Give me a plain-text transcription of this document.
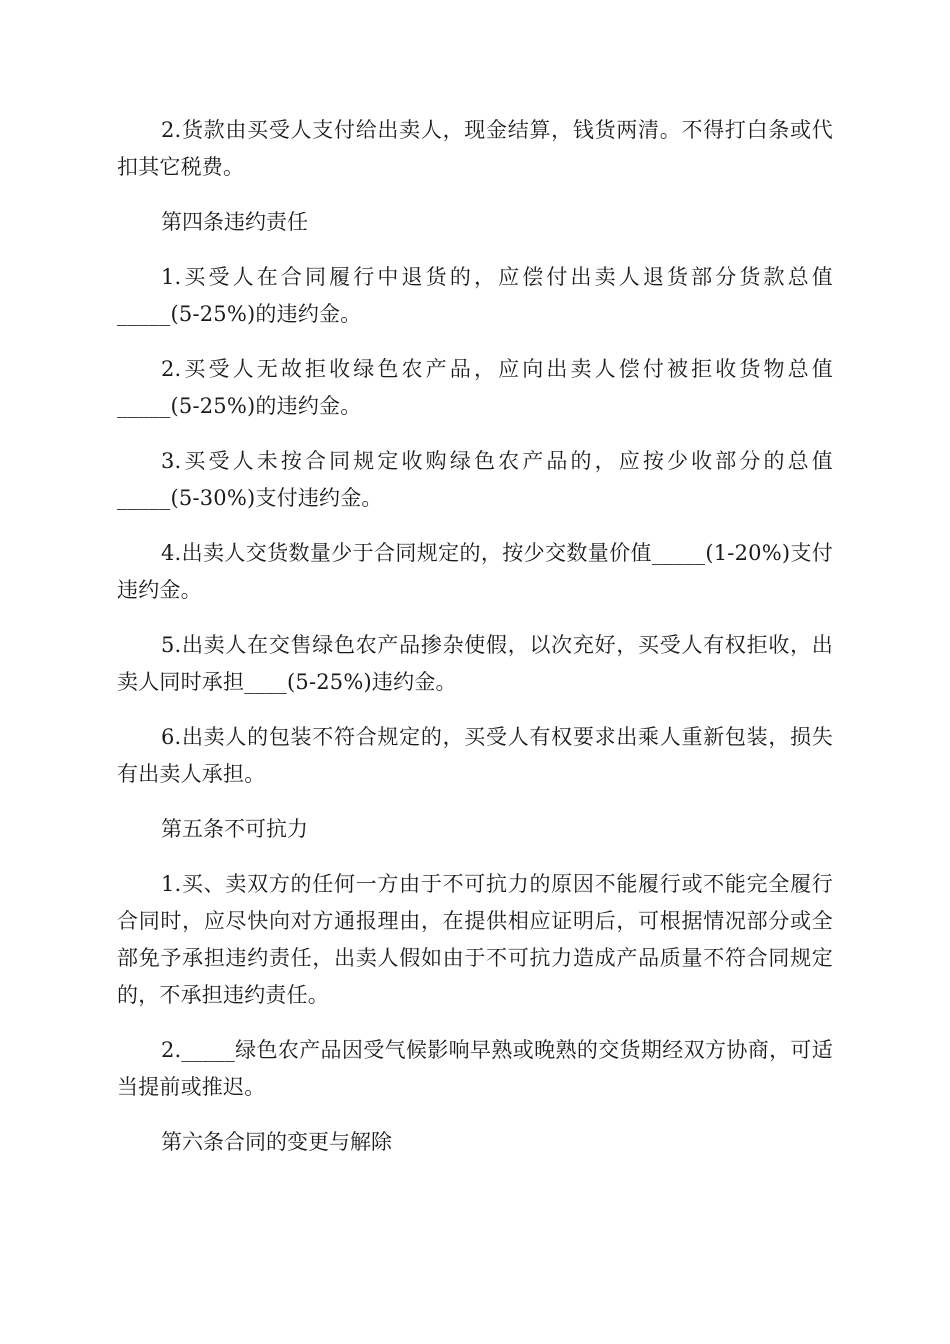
2.货款由买受人支付给出卖人，现金结算，钱货两清。不得打白条或代扣其它税费。

第四条违约责任

1.买受人在合同履行中退货的，应偿付出卖人退货部分货款总值_____(5-25%)的违约金。

2.买受人无故拒收绿色农产品，应向出卖人偿付被拒收货物总值_____(5-25%)的违约金。

3.买受人未按合同规定收购绿色农产品的，应按少收部分的总值_____(5-30%)支付违约金。

4.出卖人交货数量少于合同规定的，按少交数量价值_____(1-20%)支付违约金。

5.出卖人在交售绿色农产品掺杂使假，以次充好，买受人有权拒收，出卖人同时承担____(5-25%)违约金。

6.出卖人的包装不符合规定的，买受人有权要求出乘人重新包装，损失有出卖人承担。

第五条不可抗力

1.买、卖双方的任何一方由于不可抗力的原因不能履行或不能完全履行合同时，应尽快向对方通报理由，在提供相应证明后，可根据情况部分或全部免予承担违约责任，出卖人假如由于不可抗力造成产品质量不符合同规定的，不承担违约责任。

2._____绿色农产品因受气候影响早熟或晚熟的交货期经双方协商，可适当提前或推迟。

第六条合同的变更与解除
